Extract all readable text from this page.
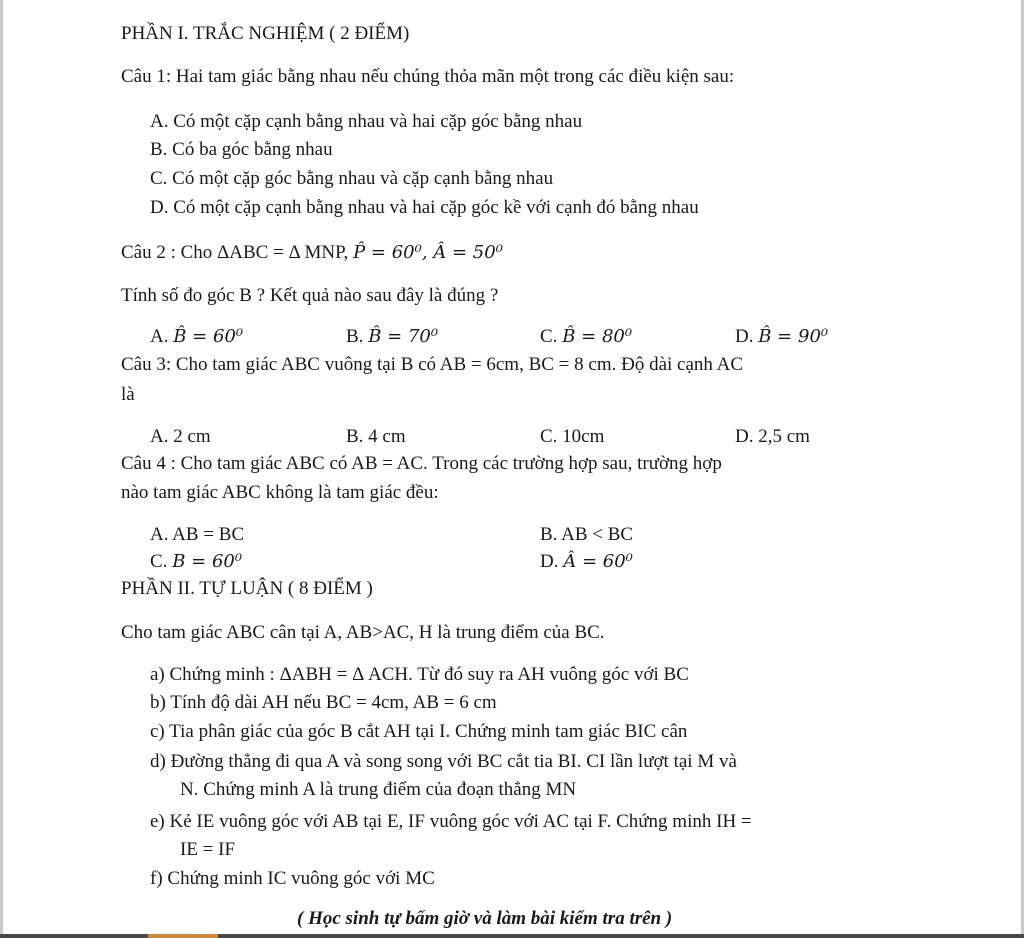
PHẦN I. TRẮC NGHIỆM ( 2 ĐIỂM)
Câu 1: Hai tam giác bằng nhau nếu chúng thỏa mãn một trong các điều kiện sau:
A. Có một cặp cạnh bằng nhau và hai cặp góc bằng nhau
B. Có ba góc bằng nhau
C. Có một cặp góc bằng nhau và cặp cạnh bằng nhau
D. Có một cặp cạnh bằng nhau và hai cặp góc kề với cạnh đó bằng nhau
Câu 2 : Cho ΔABC = Δ MNP, P̂ = 60⁰, Â = 50⁰
Tính số đo góc B ? Kết quả nào sau đây là đúng ?
A. B̂ = 60⁰	B. B̂ = 70⁰	C. B̂ = 80⁰	D. B̂ = 90⁰
Câu 3: Cho tam giác ABC vuông tại B có AB = 6cm, BC = 8 cm. Độ dài cạnh AC
là
A. 2 cm	B. 4 cm	C. 10cm	D. 2,5 cm
Câu 4 : Cho tam giác ABC có AB = AC. Trong các trường hợp sau, trường hợp
nào tam giác ABC không là tam giác đều:
A. AB = BC	B. AB < BC
C. B = 60⁰	D. Â = 60⁰
PHẦN II. TỰ LUẬN ( 8 ĐIỂM )
Cho tam giác ABC cân tại A, AB>AC, H là trung điểm của BC.
a) Chứng minh : ΔABH = Δ ACH. Từ đó suy ra AH vuông góc với BC
b) Tính độ dài AH nếu BC = 4cm, AB = 6 cm
c) Tia phân giác của góc B cắt AH tại I. Chứng minh tam giác BIC cân
d) Đường thẳng đi qua A và song song với BC cắt tia BI. CI lần lượt tại M và
N. Chứng minh A là trung điểm của đoạn thẳng MN
e) Kẻ IE vuông góc với AB tại E, IF vuông góc với AC tại F. Chứng minh IH =
IE = IF
f) Chứng minh IC vuông góc với MC
( Học sinh tự bấm giờ và làm bài kiểm tra trên )
